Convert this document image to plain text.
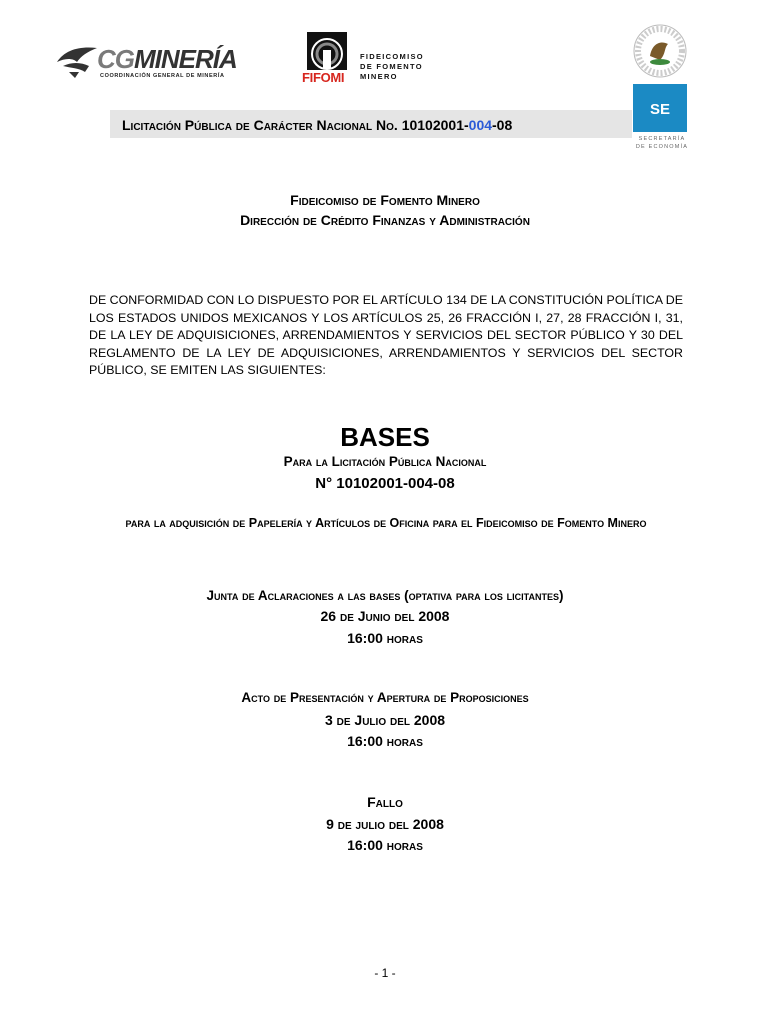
CGMINERÍA
COORDINACIÓN GENERAL DE MINERÍA	FIFOMI
FIDEICOMISO
DE FOMENTO
MINERO
SE
SECRETARÍA
DE ECONOMÍA
Licitación Pública de Carácter Nacional No. 10102001-004-08
Fideicomiso de Fomento Minero
Dirección de Crédito Finanzas y Administración
DE CONFORMIDAD CON LO DISPUESTO POR EL ARTÍCULO 134 DE LA CONSTITUCIÓN POLÍTICA DE LOS ESTADOS UNIDOS MEXICANOS Y LOS ARTÍCULOS 25, 26 FRACCIÓN I, 27, 28 FRACCIÓN I, 31, DE LA LEY DE ADQUISICIONES, ARRENDAMIENTOS Y SERVICIOS DEL SECTOR PÚBLICO Y 30 DEL REGLAMENTO DE LA LEY DE ADQUISICIONES, ARRENDAMIENTOS Y SERVICIOS DEL SECTOR PÚBLICO, SE EMITEN LAS SIGUIENTES:
BASES
Para la Licitación Pública Nacional
N° 10102001-004-08
para la adquisición de Papelería y Artículos de Oficina para el Fideicomiso de Fomento Minero
Junta de Aclaraciones a las bases (optativa para los licitantes)
26 de Junio del 2008
16:00 horas
Acto de Presentación y Apertura de Proposiciones
3 de Julio del 2008
16:00 horas
Fallo
9 de julio del 2008
16:00 horas
- 1 -
